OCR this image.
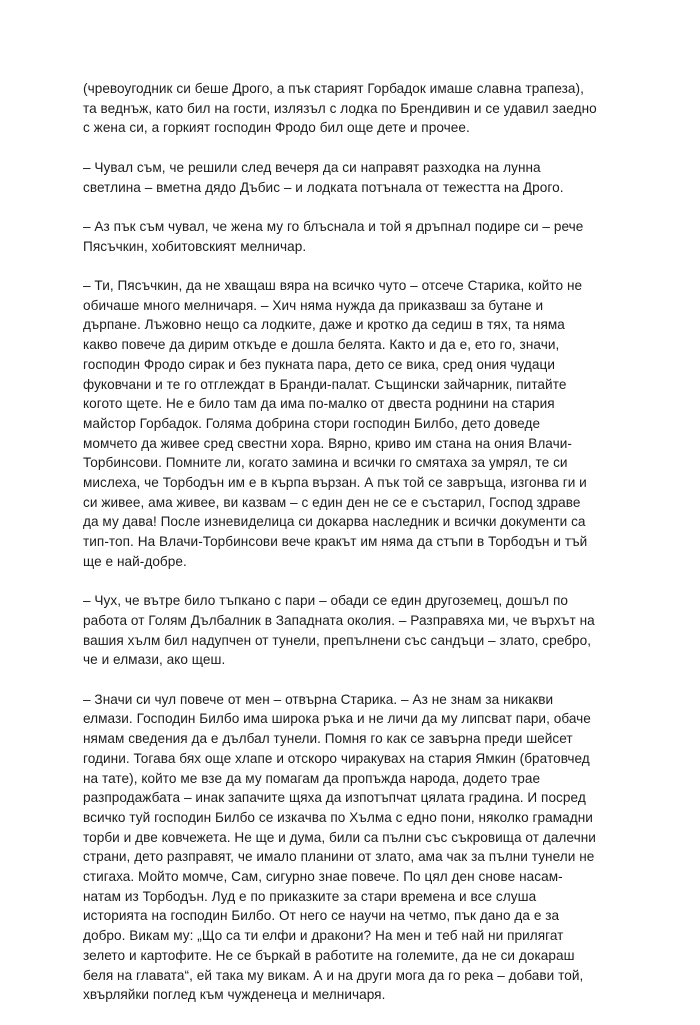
(чревоугодник си беше Дрого, а пък старият Горбадок имаше славна трапеза),
та веднъж, като бил на гости, излязъл с лодка по Брендивин и се удавил заедно
с жена си, а горкият господин Фродо бил още дете и прочее.

– Чувал съм, че решили след вечеря да си направят разходка на лунна
светлина – вметна дядо Дъбис – и лодката потънала от тежестта на Дрого.

– Аз пък съм чувал, че жена му го блъснала и той я дръпнал подире си – рече
Пясъчкин, хобитовският мелничар.

– Ти, Пясъчкин, да не хващаш вяра на всичко чуто – отсече Старика, който не
обичаше много мелничаря. – Хич няма нужда да приказваш за бутане и
дърпане. Лъжовно нещо са лодките, даже и кротко да седиш в тях, та няма
какво повече да дирим откъде е дошла белята. Както и да е, ето го, значи,
господин Фродо сирак и без пукната пара, дето се вика, сред ония чудаци
фуковчани и те го отглеждат в Бранди-палат. Същински зайчарник, питайте
когото щете. Не е било там да има по-малко от двеста роднини на стария
майстор Горбадок. Голяма добрина стори господин Билбо, дето доведе
момчето да живее сред свестни хора. Вярно, криво им стана на ония Влачи-
Торбинсови. Помните ли, когато замина и всички го смятаха за умрял, те си
мислеха, че Торбодън им е в кърпа вързан. А пък той се завръща, изгонва ги и
си живее, ама живее, ви казвам – с един ден не се е състарил, Господ здраве
да му дава! После изневиделица си докарва наследник и всички документи са
тип-топ. На Влачи-Торбинсови вече кракът им няма да стъпи в Торбодън и тъй
ще е най-добре.

– Чух, че вътре било тъпкано с пари – обади се един другоземец, дошъл по
работа от Голям Дълбалник в Западната околия. – Разправяха ми, че върхът на
вашия хълм бил надупчен от тунели, препълнени със сандъци – злато, сребро,
че и елмази, ако щеш.

– Значи си чул повече от мен – отвърна Старика. – Аз не знам за никакви
елмази. Господин Билбо има широка ръка и не личи да му липсват пари, обаче
нямам сведения да е дълбал тунели. Помня го как се завърна преди шейсет
години. Тогава бях още хлапе и отскоро чиракувах на стария Ямкин (братовчед
на тате), който ме взе да му помагам да пропъжда народа, додето трае
разпродажбата – инак запачите щяха да изпотъпчат цялата градина. И посред
всичко туй господин Билбо се изкачва по Хълма с едно пони, няколко грамадни
торби и две ковчежета. Не ще и дума, били са пълни със съкровища от далечни
страни, дето разправят, че имало планини от злато, ама чак за пълни тунели не
стигаха. Мойто момче, Сам, сигурно знае повече. По цял ден снове насам-
натам из Торбодън. Луд е по приказките за стари времена и все слуша
историята на господин Билбо. От него се научи на четмо, пък дано да е за
добро. Викам му: „Що са ти елфи и дракони? На мен и теб най ни прилягат
зелето и картофите. Не се бъркай в работите на големите, да не си докараш
беля на главата“, ей така му викам. А и на други мога да го река – добави той,
хвърляйки поглед към чужденеца и мелничаря.
